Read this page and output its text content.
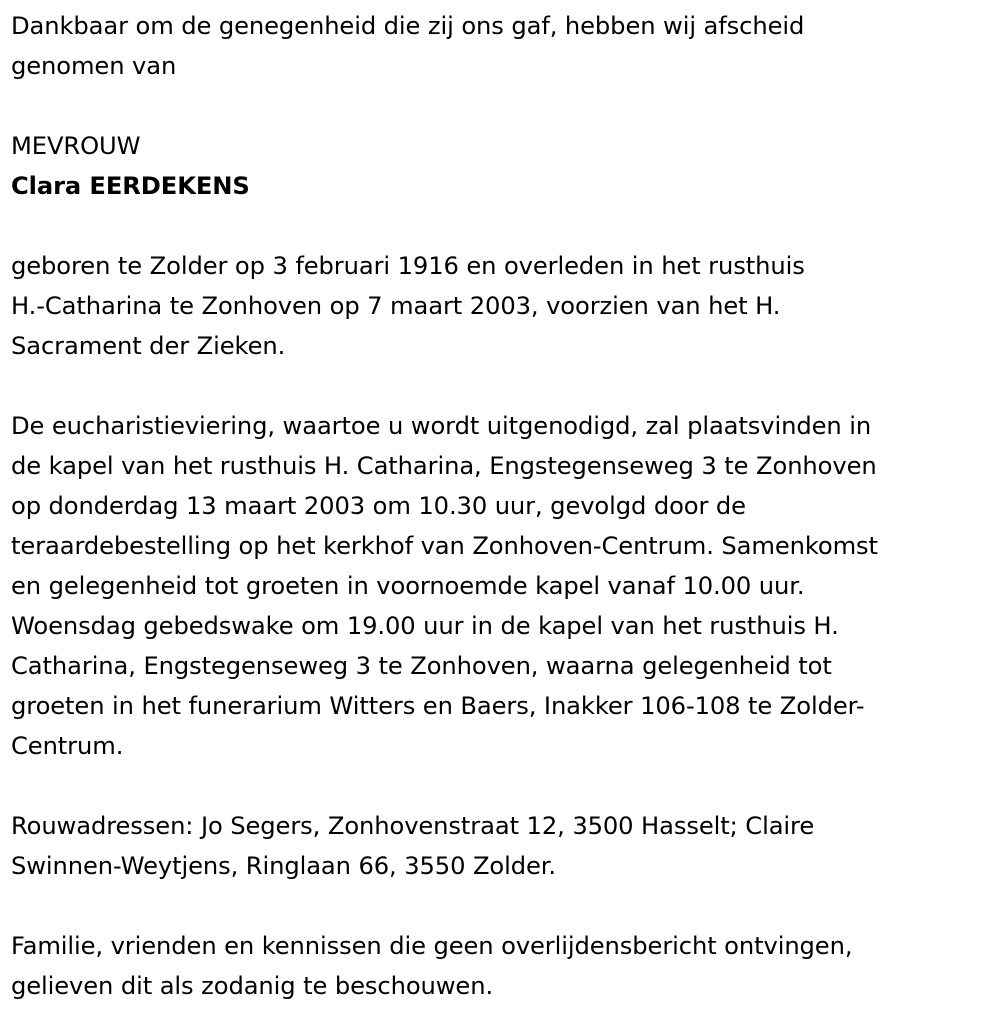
Dankbaar om de genegenheid die zij ons gaf, hebben wij afscheid
genomen van
MEVROUW
Clara EERDEKENS
geboren te Zolder op 3 februari 1916 en overleden in het rusthuis
H.-Catharina te Zonhoven op 7 maart 2003, voorzien van het H.
Sacrament der Zieken.
De eucharistieviering, waartoe u wordt uitgenodigd, zal plaatsvinden in
de kapel van het rusthuis H. Catharina, Engstegenseweg 3 te Zonhoven
op donderdag 13 maart 2003 om 10.30 uur, gevolgd door de
teraardebestelling op het kerkhof van Zonhoven-Centrum. Samenkomst
en gelegenheid tot groeten in voornoemde kapel vanaf 10.00 uur.
Woensdag gebedswake om 19.00 uur in de kapel van het rusthuis H.
Catharina, Engstegenseweg 3 te Zonhoven, waarna gelegenheid tot
groeten in het funerarium Witters en Baers, Inakker 106-108 te Zolder-
Centrum.
Rouwadressen: Jo Segers, Zonhovenstraat 12, 3500 Hasselt; Claire
Swinnen-Weytjens, Ringlaan 66, 3550 Zolder.
Familie, vrienden en kennissen die geen overlijdensbericht ontvingen,
gelieven dit als zodanig te beschouwen.
